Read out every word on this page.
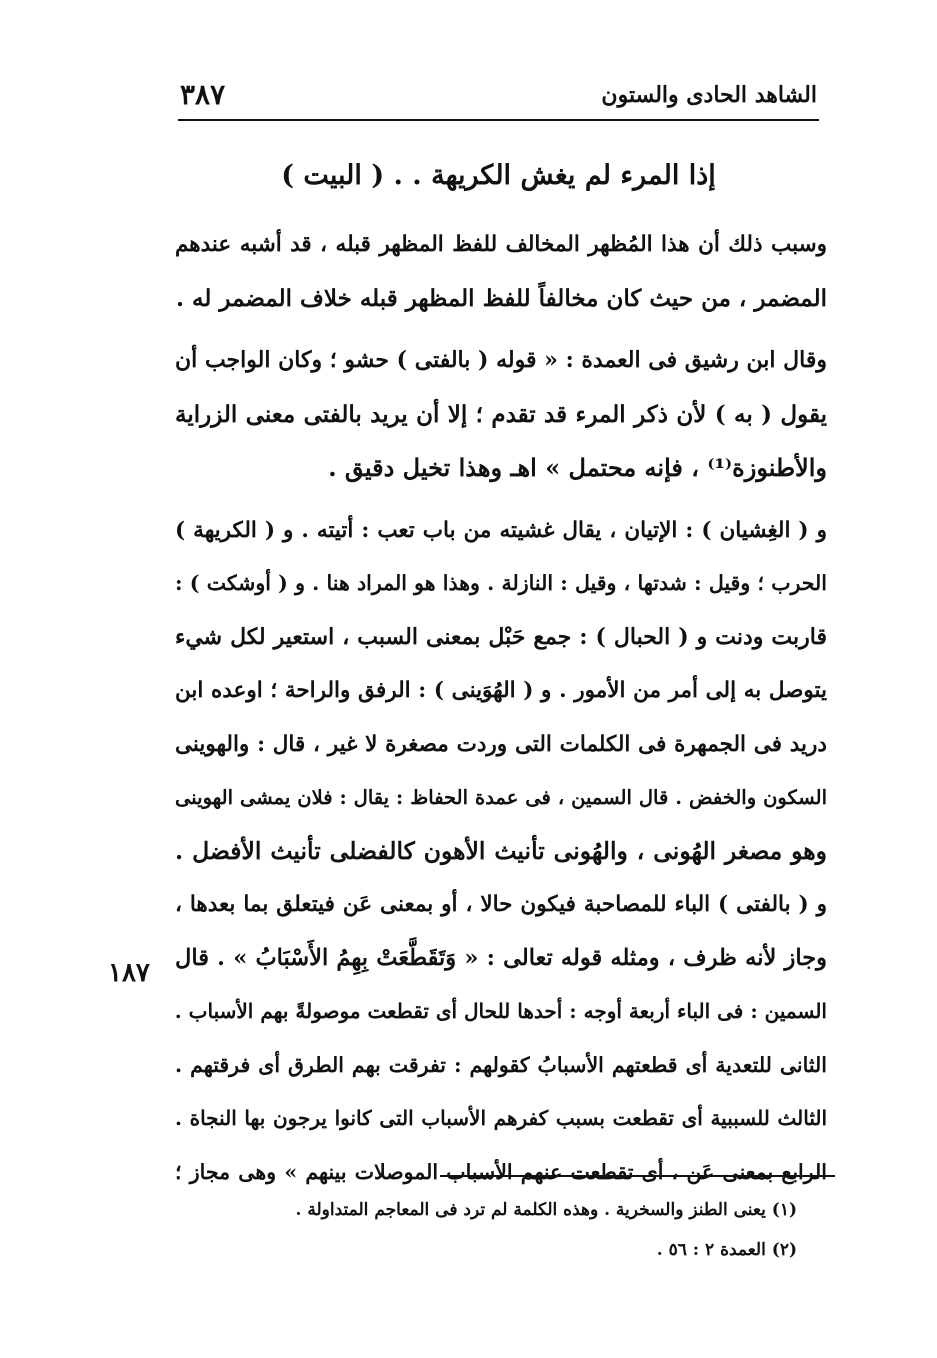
الشاهد الحادى والستون
٣٨٧
إذا المرء لم يغش الكريهة . . ( البيت )
وسبب ذلك أن هذا المُظهر المخالف للفظ المظهر قبله ، قد أشبه عندهم
المضمر ، من حيث كان مخالفاً للفظ المظهر قبله خلاف المضمر له .
وقال ابن رشيق فى العمدة : « قوله ( بالفتى ) حشو ؛ وكان الواجب أن
يقول ( به ) لأن ذكر المرء قد تقدم ؛ إلا أن يريد بالفتى معنى الزراية
والأطنوزة⁽¹⁾ ، فإنه محتمل » اهـ وهذا تخيل دقيق .
و ( الغِشيان ) : الإتيان ، يقال غشيته من باب تعب : أتيته . و ( الكريهة )
الحرب ؛ وقيل : شدتها ، وقيل : النازلة . وهذا هو المراد هنا . و ( أوشكت ) :
قاربت ودنت و ( الحبال ) : جمع حَبْل بمعنى السبب ، استعير لكل شيء
يتوصل به إلى أمر من الأمور . و ( الهُوَينى ) : الرفق والراحة ؛ اوعده ابن
دريد فى الجمهرة فى الكلمات التى وردت مصغرة لا غير ، قال : والهوينى
السكون والخفض . قال السمين ، فى عمدة الحفاظ : يقال : فلان يمشى الهوينى
وهو مصغر الهُونى ، والهُونى تأنيث الأهون كالفضلى تأنيث الأفضل .
و ( بالفتى ) الباء للمصاحبة فيكون حالا ، أو بمعنى عَن فيتعلق بما بعدها ،
وجاز لأنه ظرف ، ومثله قوله تعالى : « وَتَقَطَّعَتْ بِهِمُ الأَسْبَابُ » . قال
السمين : فى الباء أربعة أوجه : أحدها للحال أى تقطعت موصولةً بهم الأسباب .
الثانى للتعدية أى قطعتهم الأسبابُ كقولهم : تفرقت بهم الطرق أى فرقتهم .
الثالث للسببية أى تقطعت بسبب كفرهم الأسباب التى كانوا يرجون بها النجاة .
الرابع بمعنى عَن ، أى تقطعت عنهم الأسباب الموصلات بينهم » وهى مجاز ؛
١٨٧
(١) يعنى الطنز والسخرية . وهذه الكلمة لم ترد فى المعاجم المتداولة .
(٢) العمدة ٢ : ٥٦ .
